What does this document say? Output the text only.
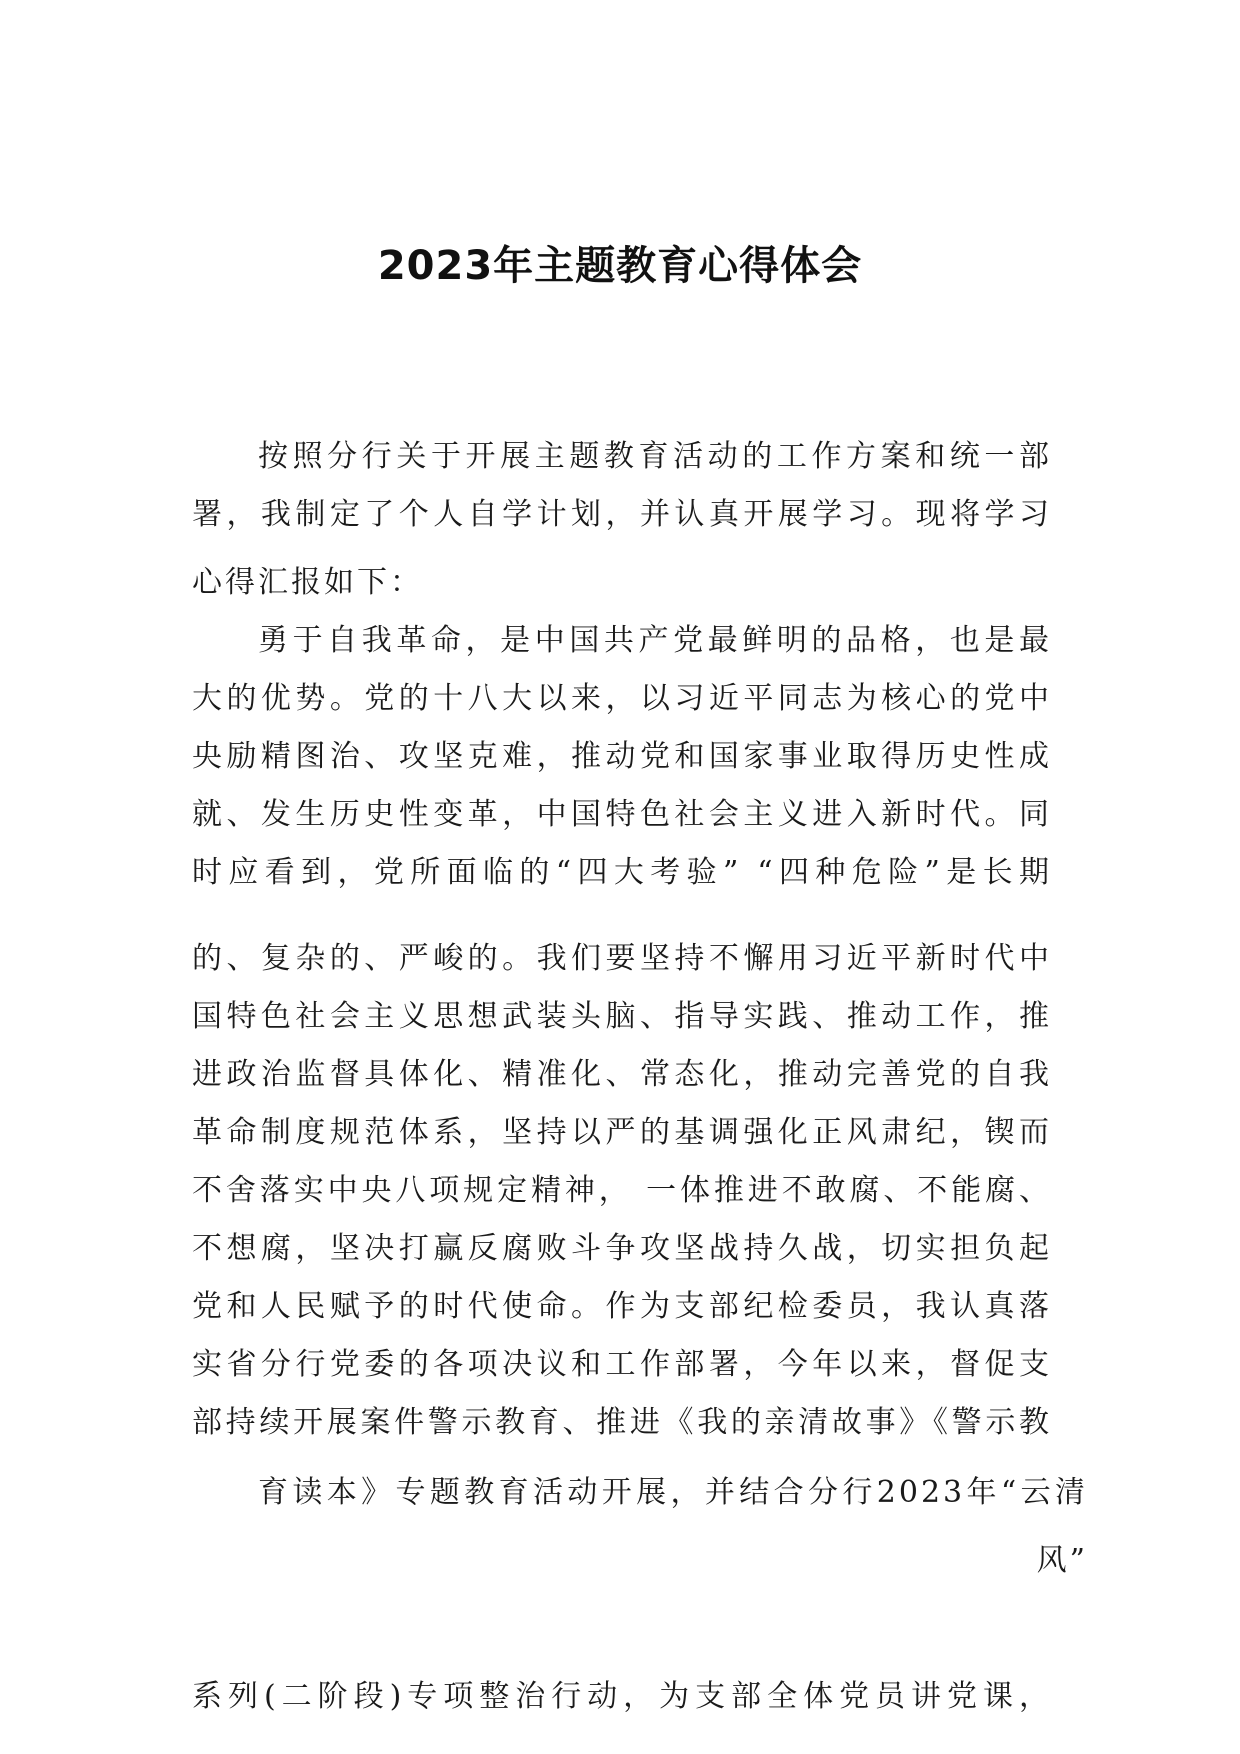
2023年主题教育心得体会
按照分行关于开展主题教育活动的工作方案和统一部
署，我制定了个人自学计划，并认真开展学习。现将学习
心得汇报如下：
勇于自我革命，是中国共产党最鲜明的品格，也是最
大的优势。党的十八大以来，以习近平同志为核心的党中
央励精图治、攻坚克难，推动党和国家事业取得历史性成
就、发生历史性变革，中国特色社会主义进入新时代。同
时应看到，党所面临的“四大考验” “四种危险”是长期
的、复杂的、严峻的。我们要坚持不懈用习近平新时代中
国特色社会主义思想武装头脑、指导实践、推动工作，推
进政治监督具体化、精准化、常态化，推动完善党的自我
革命制度规范体系，坚持以严的基调强化正风肃纪，锲而
不舍落实中央八项规定精神， 一体推进不敢腐、不能腐、
不想腐，坚决打赢反腐败斗争攻坚战持久战，切实担负起
党和人民赋予的时代使命。作为支部纪检委员，我认真落
实省分行党委的各项决议和工作部署，今年以来，督促支
部持续开展案件警示教育、推进《我的亲清故事》《警示教
育读本》专题教育活动开展，并结合分行2023年“云清
风”
系列(二阶段)专项整治行动，为支部全体党员讲党课，
